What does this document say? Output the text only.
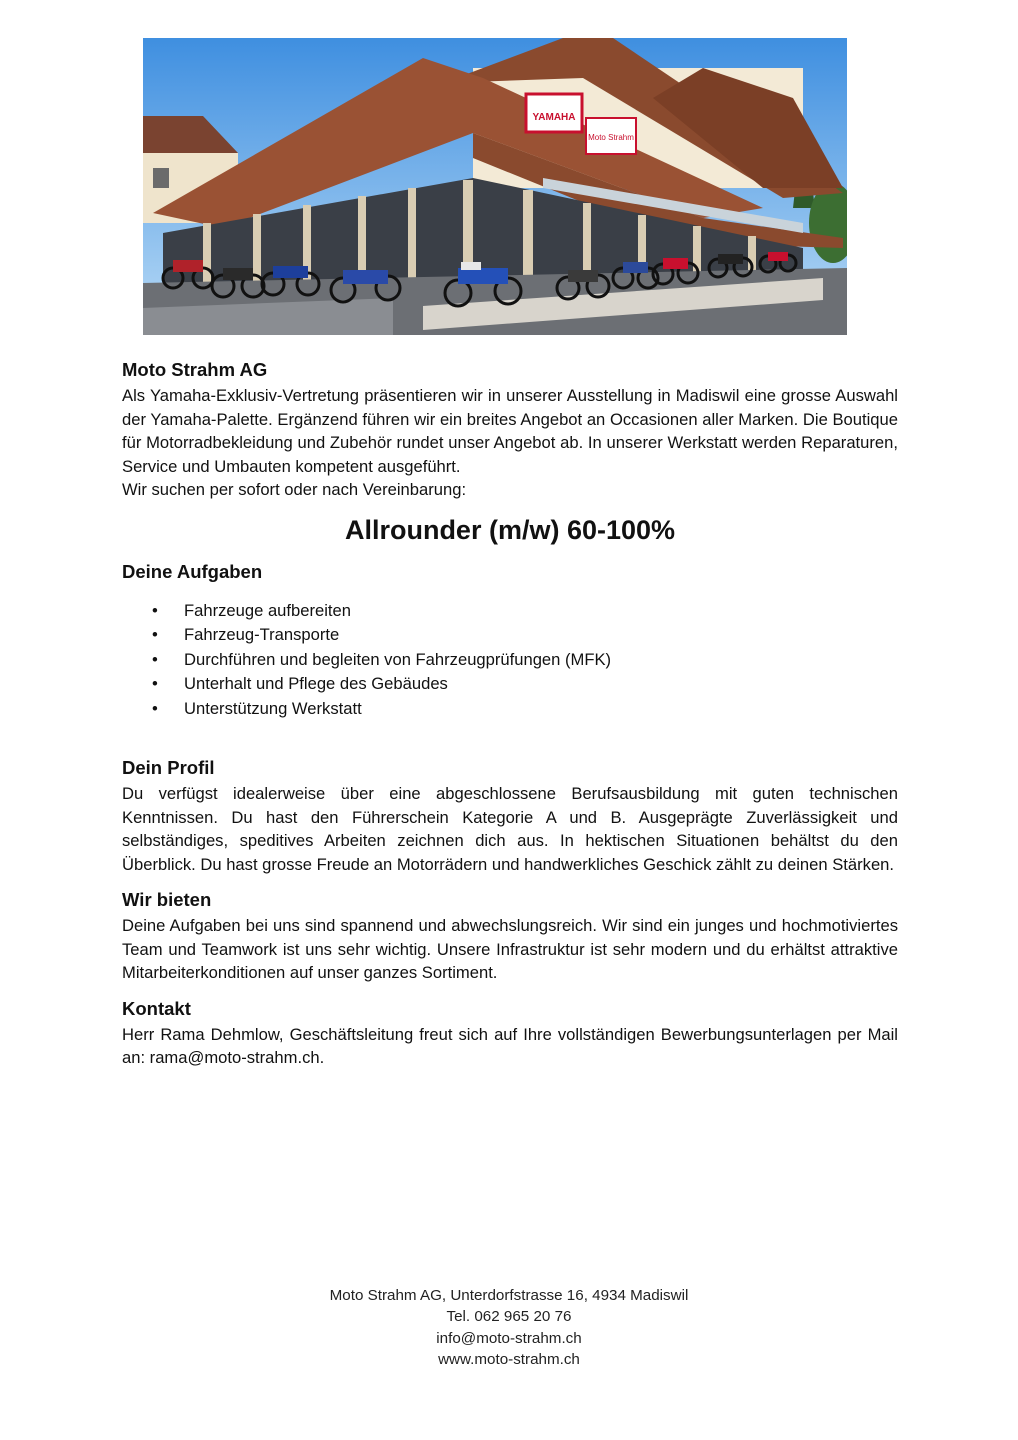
YAMAHA
Moto Strahm
Moto Strahm AG

Als Yamaha-Exklusiv-Vertretung präsentieren wir in unserer Ausstellung in Madiswil eine grosse Auswahl der Yamaha-Palette. Ergänzend führen wir ein breites Angebot an Occasionen aller Marken. Die Boutique für Motorradbekleidung und Zubehör rundet unser Angebot ab. In unserer Werkstatt werden Reparaturen, Service und Umbauten kompetent ausgeführt.

Wir suchen per sofort oder nach Vereinbarung:

Allrounder (m/w) 60-100%
Deine Aufgaben
• Fahrzeuge aufbereiten
• Fahrzeug-Transporte
• Durchführen und begleiten von Fahrzeugprüfungen (MFK)
• Unterhalt und Pflege des Gebäudes
• Unterstützung Werkstatt
Dein Profil

Du verfügst idealerweise über eine abgeschlossene Berufsausbildung mit guten technischen Kenntnissen. Du hast den Führerschein Kategorie A und B. Ausgeprägte Zuverlässigkeit und selbständiges, speditives Arbeiten zeichnen dich aus. In hektischen Situationen behältst du den Überblick. Du hast grosse Freude an Motorrädern und handwerkliches Geschick zählt zu deinen Stärken.

Wir bieten

Deine Aufgaben bei uns sind spannend und abwechslungsreich. Wir sind ein junges und hochmotiviertes Team und Teamwork ist uns sehr wichtig. Unsere Infrastruktur ist sehr modern und du erhältst attraktive Mitarbeiterkonditionen auf unser ganzes Sortiment.

Kontakt

Herr Rama Dehmlow, Geschäftsleitung freut sich auf Ihre vollständigen Bewerbungsunterlagen per Mail an: rama@moto-strahm.ch.

Moto Strahm AG, Unterdorfstrasse 16, 4934 Madiswil
Tel. 062 965 20 76
info@moto-strahm.ch
www.moto-strahm.ch
